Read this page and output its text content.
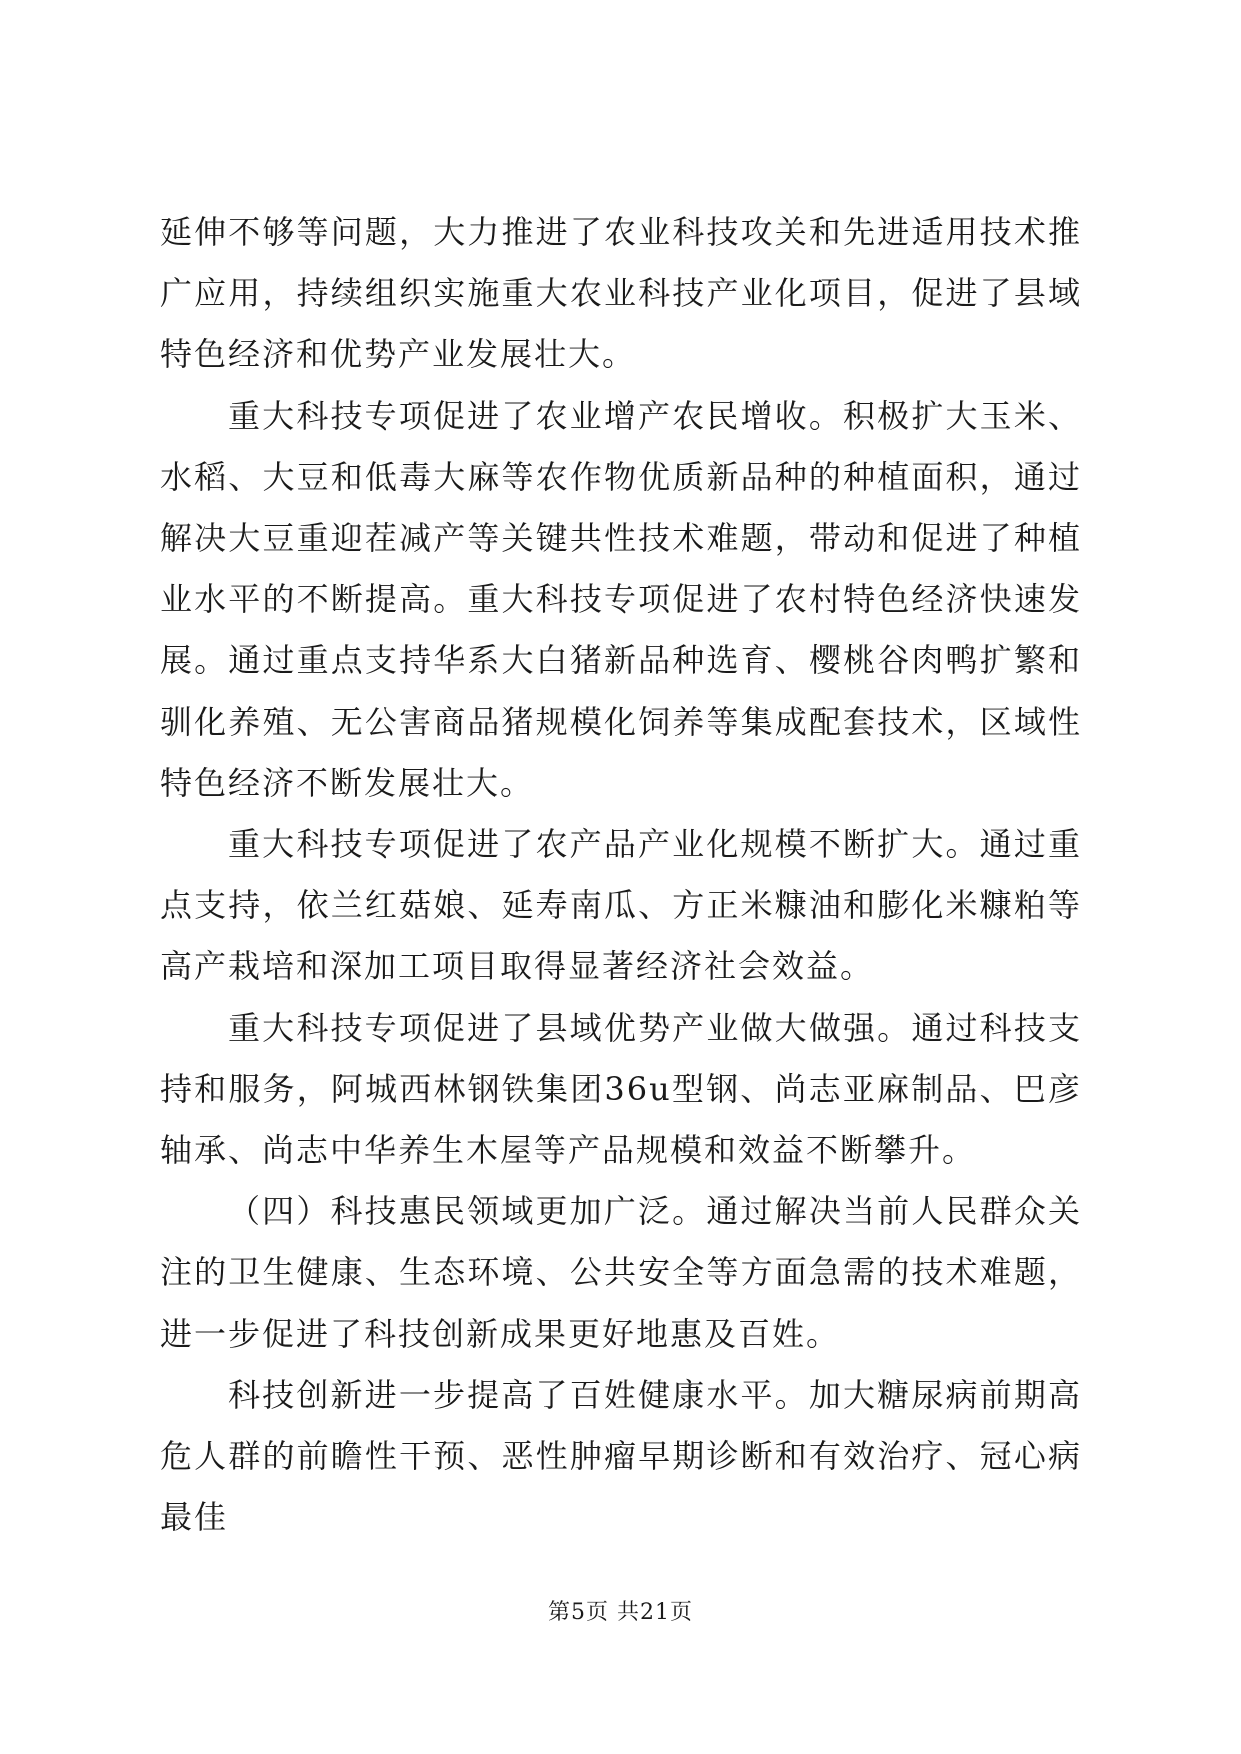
延伸不够等问题，大力推进了农业科技攻关和先进适用技术推广应用，持续组织实施重大农业科技产业化项目，促进了县域特色经济和优势产业发展壮大。

重大科技专项促进了农业增产农民增收。积极扩大玉米、水稻、大豆和低毒大麻等农作物优质新品种的种植面积，通过解决大豆重迎茬减产等关键共性技术难题，带动和促进了种植业水平的不断提高。重大科技专项促进了农村特色经济快速发展。通过重点支持华系大白猪新品种选育、樱桃谷肉鸭扩繁和驯化养殖、无公害商品猪规模化饲养等集成配套技术，区域性特色经济不断发展壮大。

重大科技专项促进了农产品产业化规模不断扩大。通过重点支持，依兰红菇娘、延寿南瓜、方正米糠油和膨化米糠粕等高产栽培和深加工项目取得显著经济社会效益。

重大科技专项促进了县域优势产业做大做强。通过科技支持和服务，阿城西林钢铁集团36u型钢、尚志亚麻制品、巴彦轴承、尚志中华养生木屋等产品规模和效益不断攀升。

（四）科技惠民领域更加广泛。通过解决当前人民群众关注的卫生健康、生态环境、公共安全等方面急需的技术难题，进一步促进了科技创新成果更好地惠及百姓。

科技创新进一步提高了百姓健康水平。加大糖尿病前期高危人群的前瞻性干预、恶性肿瘤早期诊断和有效治疗、冠心病最佳

第5页 共21页
